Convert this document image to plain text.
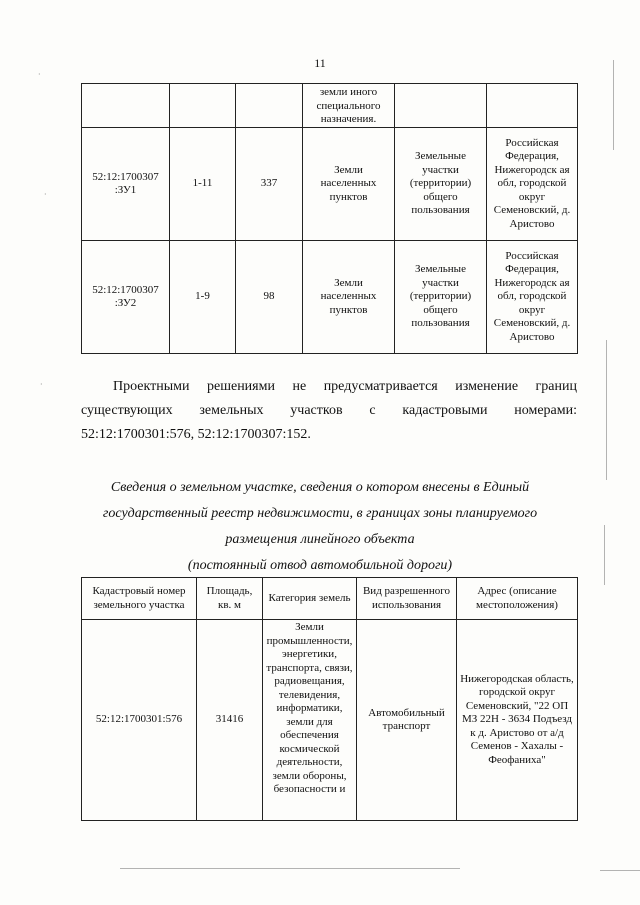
11
			земли иного специального назначения.		
52:12:1700307 :ЗУ1	1-11	337	Земли населенных пунктов	Земельные участки (территории) общего пользования	Российская Федерация, Нижегородск ая обл, городской округ Семеновский, д. Аристово
52:12:1700307 :ЗУ2	1-9	98	Земли населенных пунктов	Земельные участки (территории) общего пользования	Российская Федерация, Нижегородск ая обл, городской округ Семеновский, д. Аристово
Проектными решениями не предусматривается изменение границ
существующих земельных участков с кадастровыми номерами:
52:12:1700301:576, 52:12:1700307:152.
Сведения о земельном участке, сведения о котором внесены в Единый
государственный реестр недвижимости, в границах зоны планируемого
размещения линейного объекта
(постоянный отвод автомобильной дороги)
Кадастровый номер земельного участка	Площадь, кв. м	Категория земель	Вид разрешенного использования	Адрес (описание местоположения)
52:12:1700301:576	31416	Земли промышленности, энергетики, транспорта, связи, радиовещания, телевидения, информатики, земли для обеспечения космической деятельности, земли обороны, безопасности и	Автомобильный транспорт	Нижегородская область, городской округ Семеновский, "22 ОП МЗ 22Н - 3634 Подъезд к д. Аристово от а/д Семенов - Хахалы - Феофаниха"
·
·
·
